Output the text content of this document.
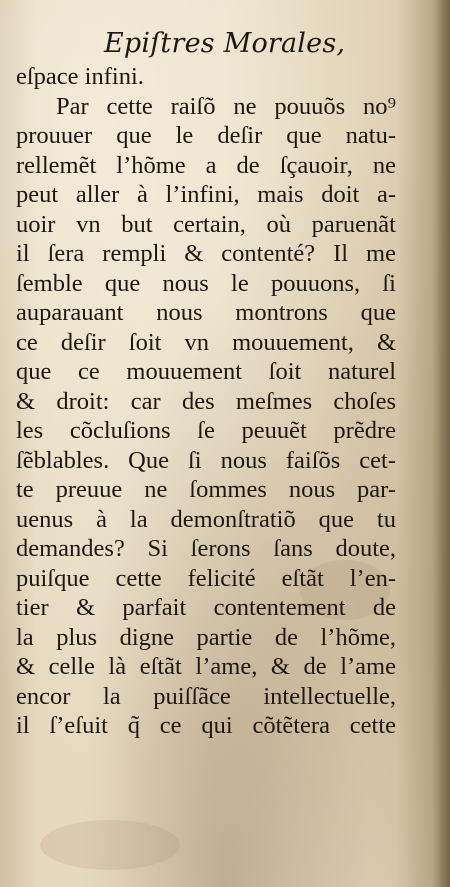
Epiſtres Morales,
eſpace infini.
Par cette raiſõ ne pouuõs no⁹
prouuer que le deſir que natu-
rellemẽt l’hõme a de ſçauoir, ne
peut aller à l’infini, mais doit a-
uoir vn but certain, où paruenãt
il ſera rempli & contenté? Il me
ſemble que nous le pouuons, ſi
auparauant nous montrons que
ce deſir ſoit vn mouuement, &
que ce mouuement ſoit naturel
& droit: car des meſmes choſes
les cõcluſions ſe peuuẽt prẽdre
ſẽblables. Que ſi nous faiſõs cet-
te preuue ne ſommes nous par-
uenus à la demonſtratiõ que tu
demandes? Si ſerons ſans doute,
puiſque cette felicité eſtãt l’en-
tier & parfait contentement de
la plus digne partie de l’hõme,
& celle là eſtãt l’ame, & de l’ame
encor la puiſſãce intellectuelle,
il ſ’eſuit q̃ ce qui cõtẽtera cette
